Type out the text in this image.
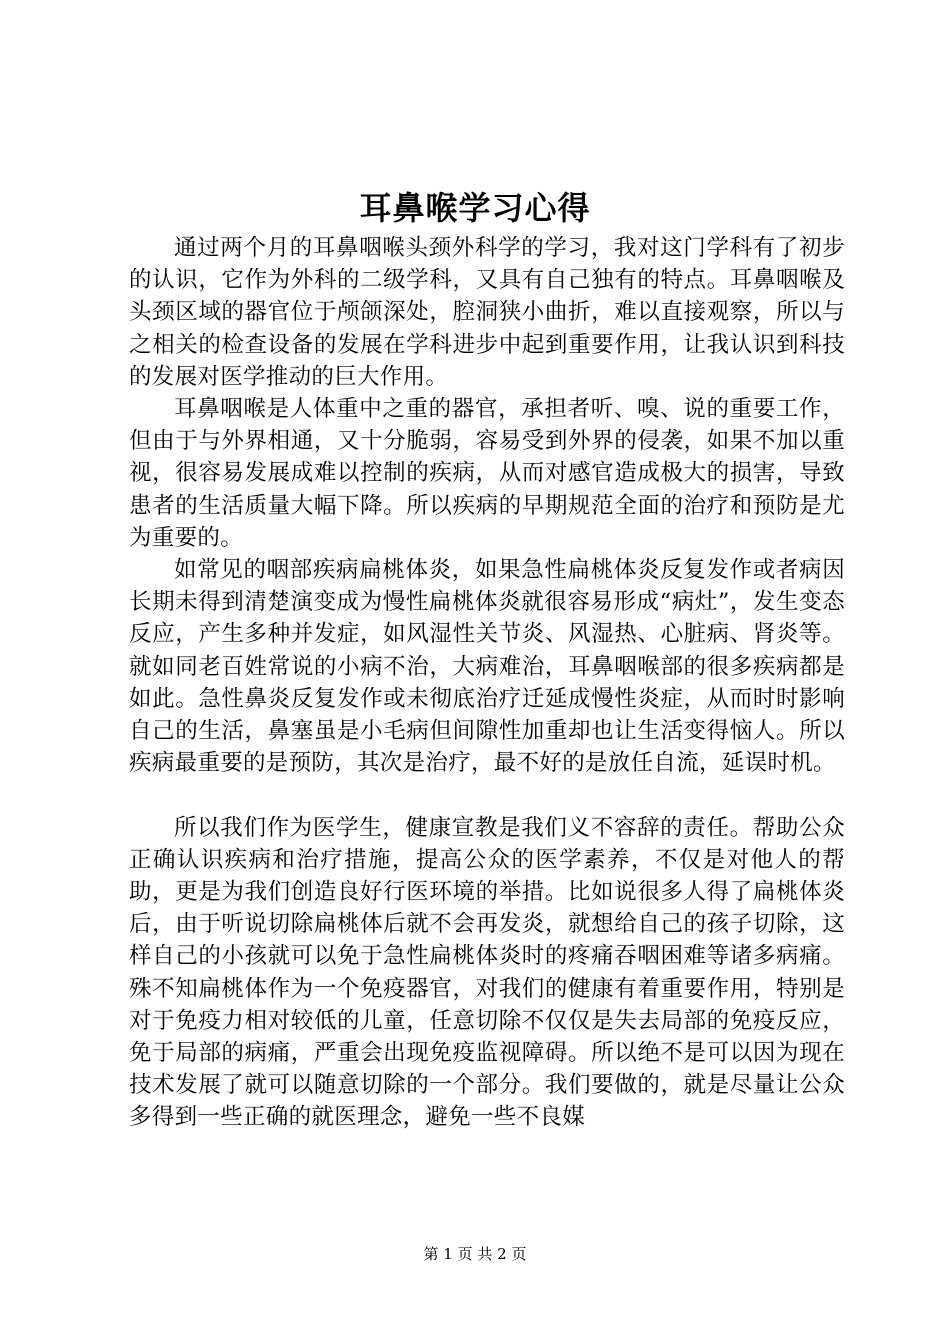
耳鼻喉学习心得

通过两个月的耳鼻咽喉头颈外科学的学习，我对这门学科有了初步的认识，它作为外科的二级学科，又具有自己独有的特点。耳鼻咽喉及头颈区域的器官位于颅颌深处，腔洞狭小曲折，难以直接观察，所以与之相关的检查设备的发展在学科进步中起到重要作用，让我认识到科技的发展对医学推动的巨大作用。

耳鼻咽喉是人体重中之重的器官，承担者听、嗅、说的重要工作，但由于与外界相通，又十分脆弱，容易受到外界的侵袭，如果不加以重视，很容易发展成难以控制的疾病，从而对感官造成极大的损害，导致患者的生活质量大幅下降。所以疾病的早期规范全面的治疗和预防是尤为重要的。

如常见的咽部疾病扁桃体炎，如果急性扁桃体炎反复发作或者病因长期未得到清楚演变成为慢性扁桃体炎就很容易形成“病灶”，发生变态反应，产生多种并发症，如风湿性关节炎、风湿热、心脏病、肾炎等。就如同老百姓常说的小病不治，大病难治，耳鼻咽喉部的很多疾病都是如此。急性鼻炎反复发作或未彻底治疗迁延成慢性炎症，从而时时影响自己的生活，鼻塞虽是小毛病但间隙性加重却也让生活变得恼人。所以疾病最重要的是预防，其次是治疗，最不好的是放任自流，延误时机。

所以我们作为医学生，健康宣教是我们义不容辞的责任。帮助公众正确认识疾病和治疗措施，提高公众的医学素养，不仅是对他人的帮助，更是为我们创造良好行医环境的举措。比如说很多人得了扁桃体炎后，由于听说切除扁桃体后就不会再发炎，就想给自己的孩子切除，这样自己的小孩就可以免于急性扁桃体炎时的疼痛吞咽困难等诸多病痛。殊不知扁桃体作为一个免疫器官，对我们的健康有着重要作用，特别是对于免疫力相对较低的儿童，任意切除不仅仅是失去局部的免疫反应，免于局部的病痛，严重会出现免疫监视障碍。所以绝不是可以因为现在技术发展了就可以随意切除的一个部分。我们要做的，就是尽量让公众多得到一些正确的就医理念，避免一些不良媒

第 1 页 共 2 页
